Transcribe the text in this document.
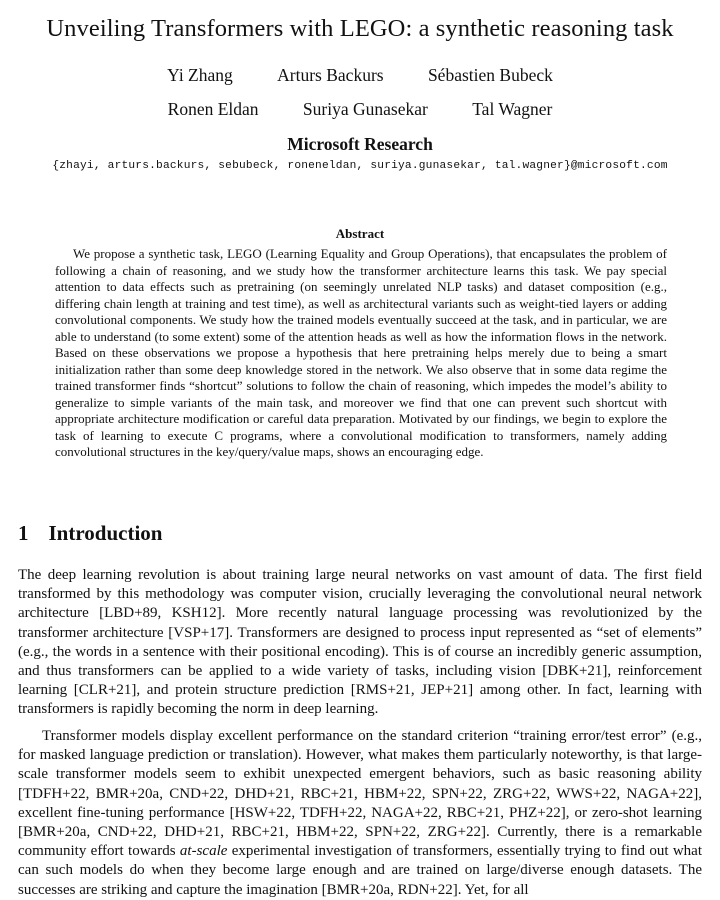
Unveiling Transformers with LEGO: a synthetic reasoning task
Yi Zhang	Arturs Backurs	Sébastien Bubeck
Ronen Eldan	Suriya Gunasekar	Tal Wagner
Microsoft Research
{zhayi, arturs.backurs, sebubeck, roneneldan, suriya.gunasekar, tal.wagner}@microsoft.com
Abstract

We propose a synthetic task, LEGO (Learning Equality and Group Operations), that encapsulates the problem of following a chain of reasoning, and we study how the transformer architecture learns this task. We pay special attention to data effects such as pretraining (on seemingly unrelated NLP tasks) and dataset composition (e.g., differing chain length at training and test time), as well as architectural variants such as weight-tied layers or adding convolutional components. We study how the trained models eventually succeed at the task, and in particular, we are able to understand (to some extent) some of the attention heads as well as how the information flows in the network. Based on these observations we propose a hypothesis that here pretraining helps merely due to being a smart initialization rather than some deep knowledge stored in the network. We also observe that in some data regime the trained transformer finds “shortcut” solutions to follow the chain of reasoning, which impedes the model’s ability to generalize to simple variants of the main task, and moreover we find that one can prevent such shortcut with appropriate architecture modification or careful data preparation. Motivated by our findings, we begin to explore the task of learning to execute C programs, where a convolutional modification to transformers, namely adding convolutional structures in the key/query/value maps, shows an encouraging edge.

1 Introduction

The deep learning revolution is about training large neural networks on vast amount of data. The first field transformed by this methodology was computer vision, crucially leveraging the convolutional neural network architecture [LBD+89, KSH12]. More recently natural language processing was revolutionized by the transformer architecture [VSP+17]. Transformers are designed to process input represented as “set of elements” (e.g., the words in a sentence with their positional encoding). This is of course an incredibly generic assumption, and thus transformers can be applied to a wide variety of tasks, including vision [DBK+21], reinforcement learning [CLR+21], and protein structure prediction [RMS+21, JEP+21] among other. In fact, learning with transformers is rapidly becoming the norm in deep learning.

Transformer models display excellent performance on the standard criterion “training error/test error” (e.g., for masked language prediction or translation). However, what makes them particularly noteworthy, is that large-scale transformer models seem to exhibit unexpected emergent behaviors, such as basic reasoning ability [TDFH+22, BMR+20a, CND+22, DHD+21, RBC+21, HBM+22, SPN+22, ZRG+22, WWS+22, NAGA+22], excellent fine-tuning performance [HSW+22, TDFH+22, NAGA+22, RBC+21, PHZ+22], or zero-shot learning [BMR+20a, CND+22, DHD+21, RBC+21, HBM+22, SPN+22, ZRG+22]. Currently, there is a remarkable community effort towards at-scale experimental investigation of transformers, essentially trying to find out what can such models do when they become large enough and are trained on large/diverse enough datasets. The successes are striking and capture the imagination [BMR+20a, RDN+22]. Yet, for all
